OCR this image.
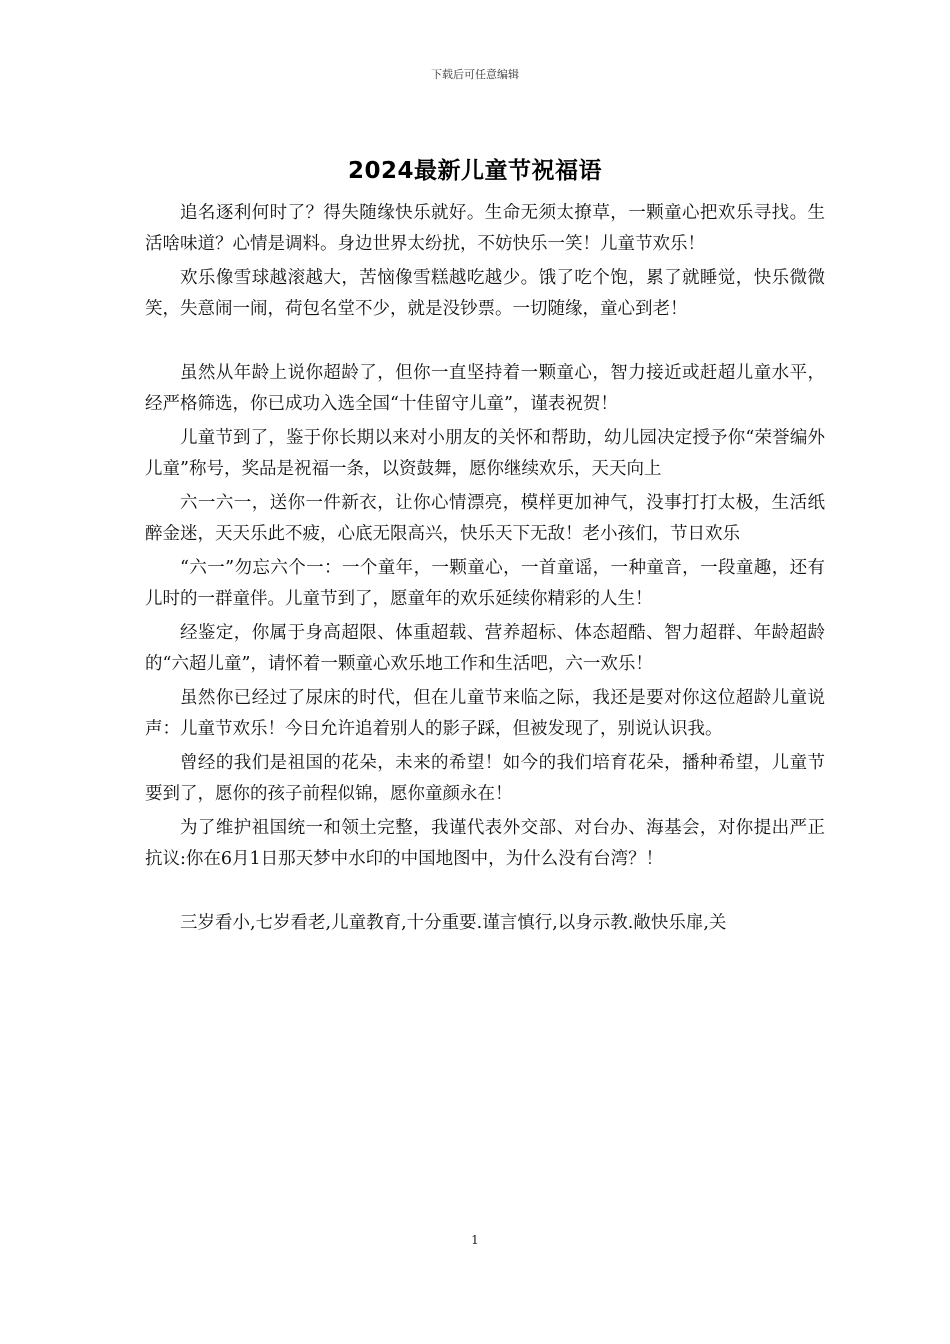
下载后可任意编辑
2024最新儿童节祝福语

追名逐利何时了？得失随缘快乐就好。生命无须太撩草，一颗童心把欢乐寻找。生活啥味道？心情是调料。身边世界太纷扰，不妨快乐一笑！儿童节欢乐！

欢乐像雪球越滚越大，苦恼像雪糕越吃越少。饿了吃个饱，累了就睡觉，快乐微微笑，失意闹一闹，荷包名堂不少，就是没钞票。一切随缘，童心到老！

虽然从年龄上说你超龄了，但你一直坚持着一颗童心，智力接近或赶超儿童水平，经严格筛选，你已成功入选全国“十佳留守儿童”，谨表祝贺！

儿童节到了，鉴于你长期以来对小朋友的关怀和帮助，幼儿园决定授予你“荣誉编外儿童”称号，奖品是祝福一条，以资鼓舞，愿你继续欢乐，天天向上

六一六一，送你一件新衣，让你心情漂亮，模样更加神气，没事打打太极，生活纸醉金迷，天天乐此不疲，心底无限高兴，快乐天下无敌！老小孩们，节日欢乐

“六一”勿忘六个一：一个童年，一颗童心，一首童谣，一种童音，一段童趣，还有儿时的一群童伴。儿童节到了，愿童年的欢乐延续你精彩的人生！

经鉴定，你属于身高超限、体重超载、营养超标、体态超酷、智力超群、年龄超龄的“六超儿童”，请怀着一颗童心欢乐地工作和生活吧，六一欢乐！

虽然你已经过了尿床的时代，但在儿童节来临之际，我还是要对你这位超龄儿童说声：儿童节欢乐！今日允许追着别人的影子踩，但被发现了，别说认识我。

曾经的我们是祖国的花朵，未来的希望！如今的我们培育花朵，播种希望，儿童节要到了，愿你的孩子前程似锦，愿你童颜永在！

为了维护祖国统一和领土完整，我谨代表外交部、对台办、海基会，对你提出严正抗议:你在6月1日那天梦中水印的中国地图中，为什么没有台湾？！

三岁看小,七岁看老,儿童教育,十分重要.谨言慎行,以身示教.敞快乐扉,关

1
